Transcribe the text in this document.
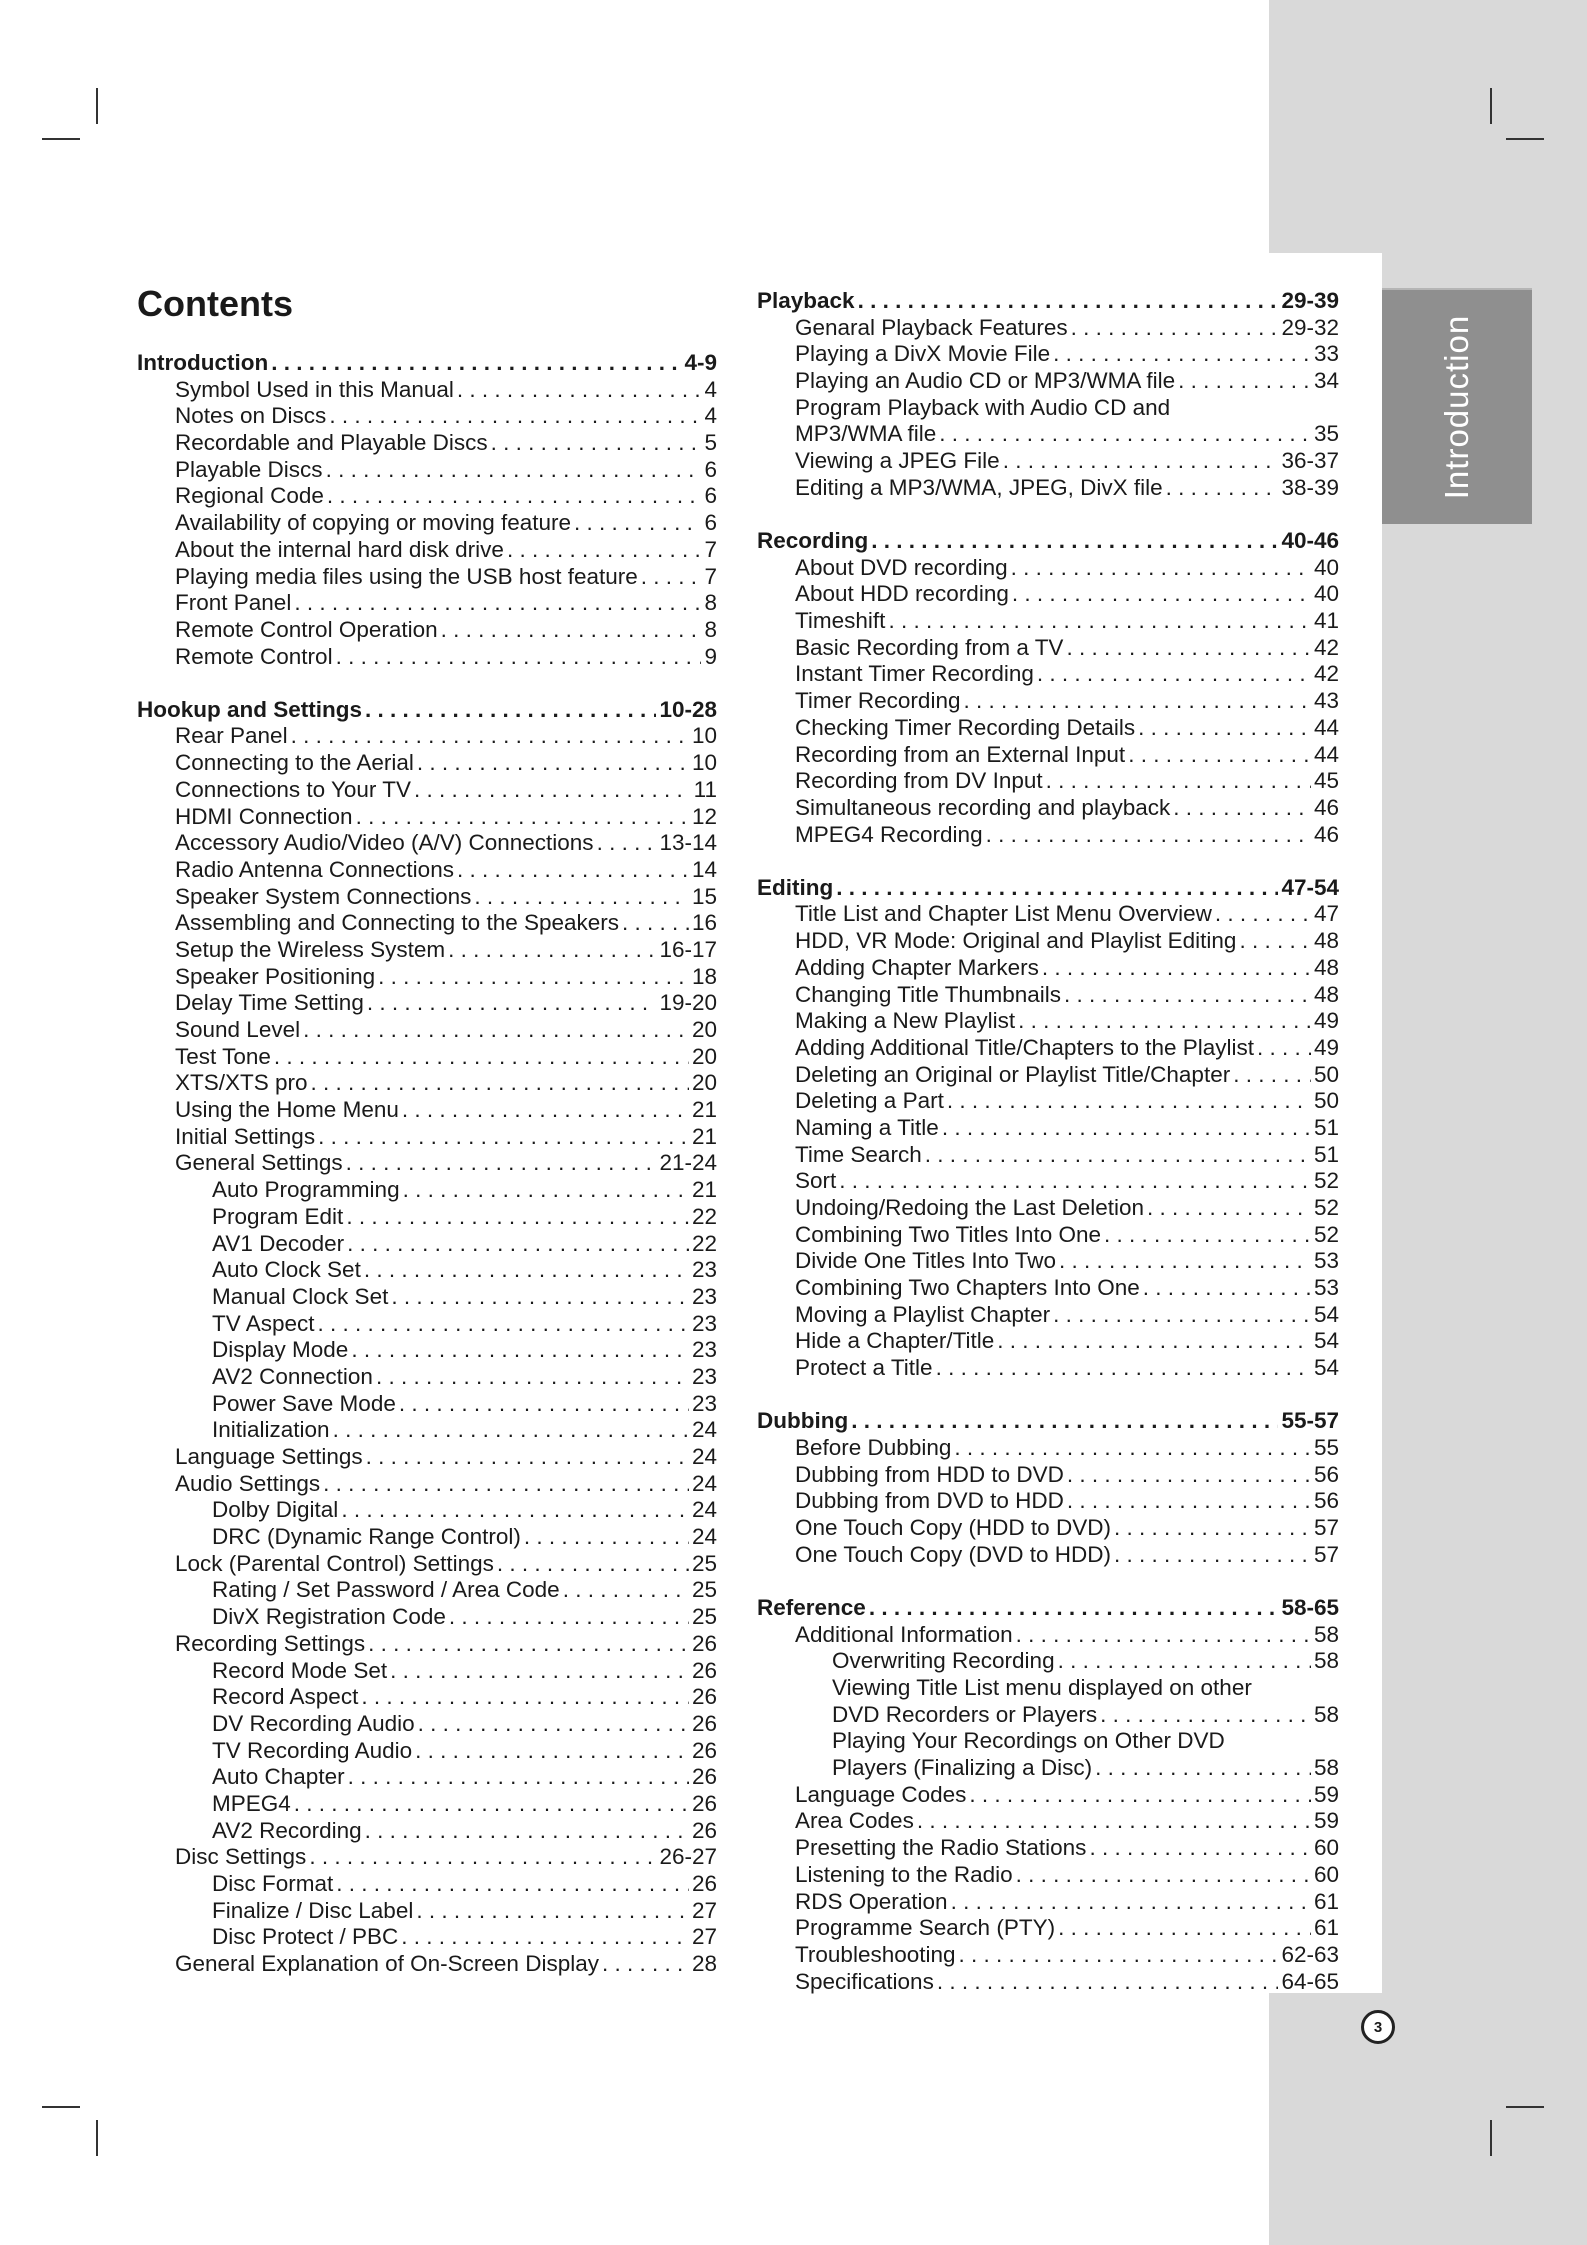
Introduction
Contents
Introduction . . .	4-9
Symbol Used in this Manual . . .	4
Notes on Discs . . .	4
Recordable and Playable Discs . . .	5
Playable Discs . . .	6
Regional Code . . .	6
Availability of copying or moving feature . . .	6
About the internal hard disk drive . . .	7
Playing media files using the USB host feature . . .	7
Front Panel . . .	8
Remote Control Operation . . .	8
Remote Control . . .	9
Hookup and Settings . . .	10-28
Rear Panel . . .	10
Connecting to the Aerial . . .	10
Connections to Your TV . . .	11
HDMI Connection . . .	12
Accessory Audio/Video (A/V) Connections . . .	13-14
Radio Antenna Connections . . .	14
Speaker System Connections . . .	15
Assembling and Connecting to the Speakers . . .	16
Setup the Wireless System . . .	16-17
Speaker Positioning . . .	18
Delay Time Setting . . .	19-20
Sound Level . . .	20
Test Tone . . .	20
XTS/XTS pro . . .	20
Using the Home Menu . . .	21
Initial Settings . . .	21
General Settings . . .	21-24
Auto Programming . . .	21
Program Edit . . .	22
AV1 Decoder . . .	22
Auto Clock Set . . .	23
Manual Clock Set . . .	23
TV Aspect . . .	23
Display Mode . . .	23
AV2 Connection . . .	23
Power Save Mode . . .	23
Initialization . . .	24
Language Settings . . .	24
Audio Settings . . .	24
Dolby Digital . . .	24
DRC (Dynamic Range Control) . . .	24
Lock (Parental Control) Settings . . .	25
Rating / Set Password / Area Code . . .	25
DivX Registration Code . . .	25
Recording Settings . . .	26
Record Mode Set . . .	26
Record Aspect . . .	26
DV Recording Audio . . .	26
TV Recording Audio . . .	26
Auto Chapter . . .	26
MPEG4 . . .	26
AV2 Recording . . .	26
Disc Settings . . .	26-27
Disc Format . . .	26
Finalize / Disc Label . . .	27
Disc Protect / PBC . . .	27
General Explanation of On-Screen Display . . .	28
Playback . . .	29-39
Genaral Playback Features . . .	29-32
Playing a DivX Movie File . . .	33
Playing an Audio CD or MP3/WMA file . . .	34
Program Playback with Audio CD and
MP3/WMA file . . .	35
Viewing a JPEG File . . .	36-37
Editing a MP3/WMA, JPEG, DivX file . . .	38-39
Recording . . .	40-46
About DVD recording . . .	40
About HDD recording . . .	40
Timeshift . . .	41
Basic Recording from a TV . . .	42
Instant Timer Recording . . .	42
Timer Recording . . .	43
Checking Timer Recording Details . . .	44
Recording from an External Input . . .	44
Recording from DV Input . . .	45
Simultaneous recording and playback . . .	46
MPEG4 Recording . . .	46
Editing . . .	47-54
Title List and Chapter List Menu Overview . . .	47
HDD, VR Mode: Original and Playlist Editing . . .	48
Adding Chapter Markers . . .	48
Changing Title Thumbnails . . .	48
Making a New Playlist . . .	49
Adding Additional Title/Chapters to the Playlist . . .	49
Deleting an Original or Playlist Title/Chapter . . .	50
Deleting a Part . . .	50
Naming a Title . . .	51
Time Search . . .	51
Sort . . .	52
Undoing/Redoing the Last Deletion . . .	52
Combining Two Titles Into One . . .	52
Divide One Titles Into Two . . .	53
Combining Two Chapters Into One . . .	53
Moving a Playlist Chapter . . .	54
Hide a Chapter/Title . . .	54
Protect a Title . . .	54
Dubbing . . .	55-57
Before Dubbing . . .	55
Dubbing from HDD to DVD . . .	56
Dubbing from DVD to HDD . . .	56
One Touch Copy (HDD to DVD) . . .	57
One Touch Copy (DVD to HDD) . . .	57
Reference . . .	58-65
Additional Information . . .	58
Overwriting Recording . . .	58
Viewing Title List menu displayed on other
DVD Recorders or Players . . .	58
Playing Your Recordings on Other DVD
Players (Finalizing a Disc) . . .	58
Language Codes . . .	59
Area Codes . . .	59
Presetting the Radio Stations . . .	60
Listening to the Radio . . .	60
RDS Operation . . .	61
Programme Search (PTY) . . .	61
Troubleshooting . . .	62-63
Specifications . . .	64-65
3
